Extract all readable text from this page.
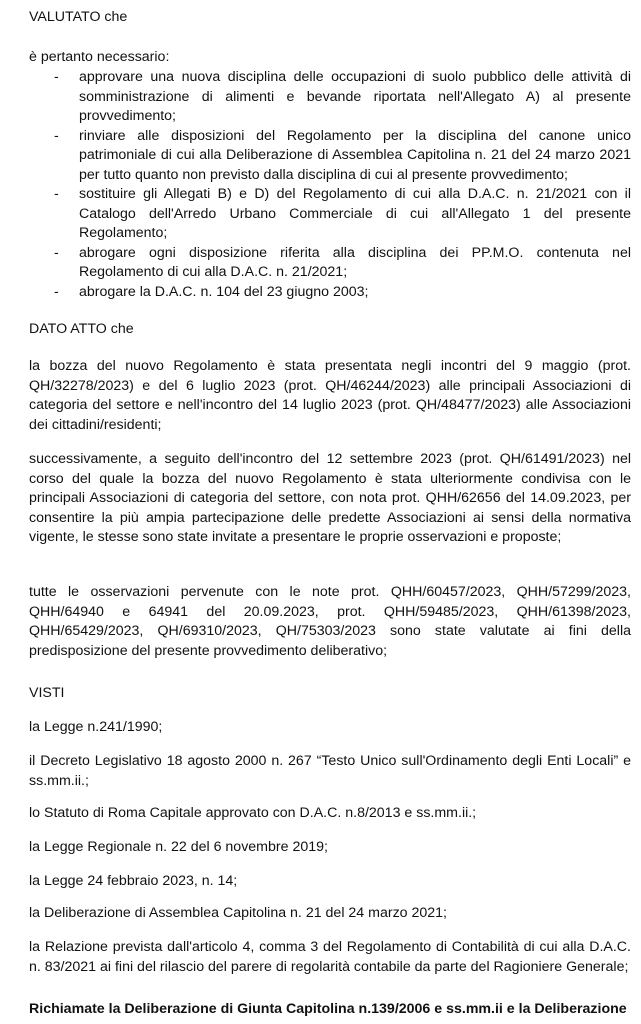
VALUTATO che
è pertanto necessario:
- approvare una nuova disciplina delle occupazioni di suolo pubblico delle attività di somministrazione di alimenti e bevande riportata nell'Allegato A) al presente provvedimento;
- rinviare alle disposizioni del Regolamento per la disciplina del canone unico patrimoniale di cui alla Deliberazione di Assemblea Capitolina n. 21 del 24 marzo 2021 per tutto quanto non previsto dalla disciplina di cui al presente provvedimento;
- sostituire gli Allegati B) e D) del Regolamento di cui alla D.A.C. n. 21/2021 con il Catalogo dell'Arredo Urbano Commerciale di cui all'Allegato 1 del presente Regolamento;
- abrogare ogni disposizione riferita alla disciplina dei PP.M.O. contenuta nel Regolamento di cui alla D.A.C. n. 21/2021;
- abrogare la D.A.C. n. 104 del 23 giugno 2003;
DATO ATTO che
la bozza del nuovo Regolamento è stata presentata negli incontri del 9 maggio (prot. QH/32278/2023) e del 6 luglio 2023 (prot. QH/46244/2023) alle principali Associazioni di categoria del settore e nell'incontro del 14 luglio 2023 (prot. QH/48477/2023) alle Associazioni dei cittadini/residenti;
successivamente, a seguito dell'incontro del 12 settembre 2023 (prot. QH/61491/2023) nel corso del quale la bozza del nuovo Regolamento è stata ulteriormente condivisa con le principali Associazioni di categoria del settore, con nota prot. QHH/62656 del 14.09.2023, per consentire la più ampia partecipazione delle predette Associazioni ai sensi della normativa vigente, le stesse sono state invitate a presentare le proprie osservazioni e proposte;
tutte le osservazioni pervenute con le note prot. QHH/60457/2023, QHH/57299/2023, QHH/64940 e 64941 del 20.09.2023, prot. QHH/59485/2023, QHH/61398/2023, QHH/65429/2023, QH/69310/2023, QH/75303/2023 sono state valutate ai fini della predisposizione del presente provvedimento deliberativo;
VISTI
la Legge n.241/1990;
il Decreto Legislativo 18 agosto 2000 n. 267 “Testo Unico sull'Ordinamento degli Enti Locali” e ss.mm.ii.;
lo Statuto di Roma Capitale approvato con D.A.C. n.8/2013 e ss.mm.ii.;
la Legge Regionale n. 22 del 6 novembre 2019;
la Legge 24 febbraio 2023, n. 14;
la Deliberazione di Assemblea Capitolina n. 21 del 24 marzo 2021;
la Relazione prevista dall'articolo 4, comma 3 del Regolamento di Contabilità di cui alla D.A.C. n. 83/2021 ai fini del rilascio del parere di regolarità contabile da parte del Ragioniere Generale;
Richiamate la Deliberazione di Giunta Capitolina n.139/2006 e ss.mm.ii e la Deliberazione
